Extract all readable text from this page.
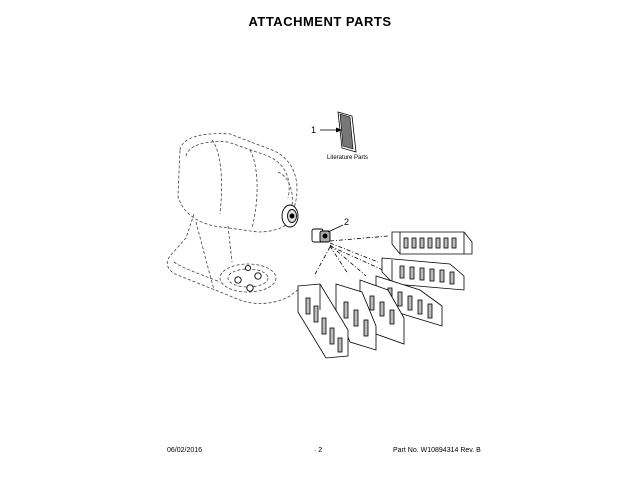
ATTACHMENT PARTS
1
Literature Parts
2
06/02/2016	· 2	Part No. W10894314 Rev. B
